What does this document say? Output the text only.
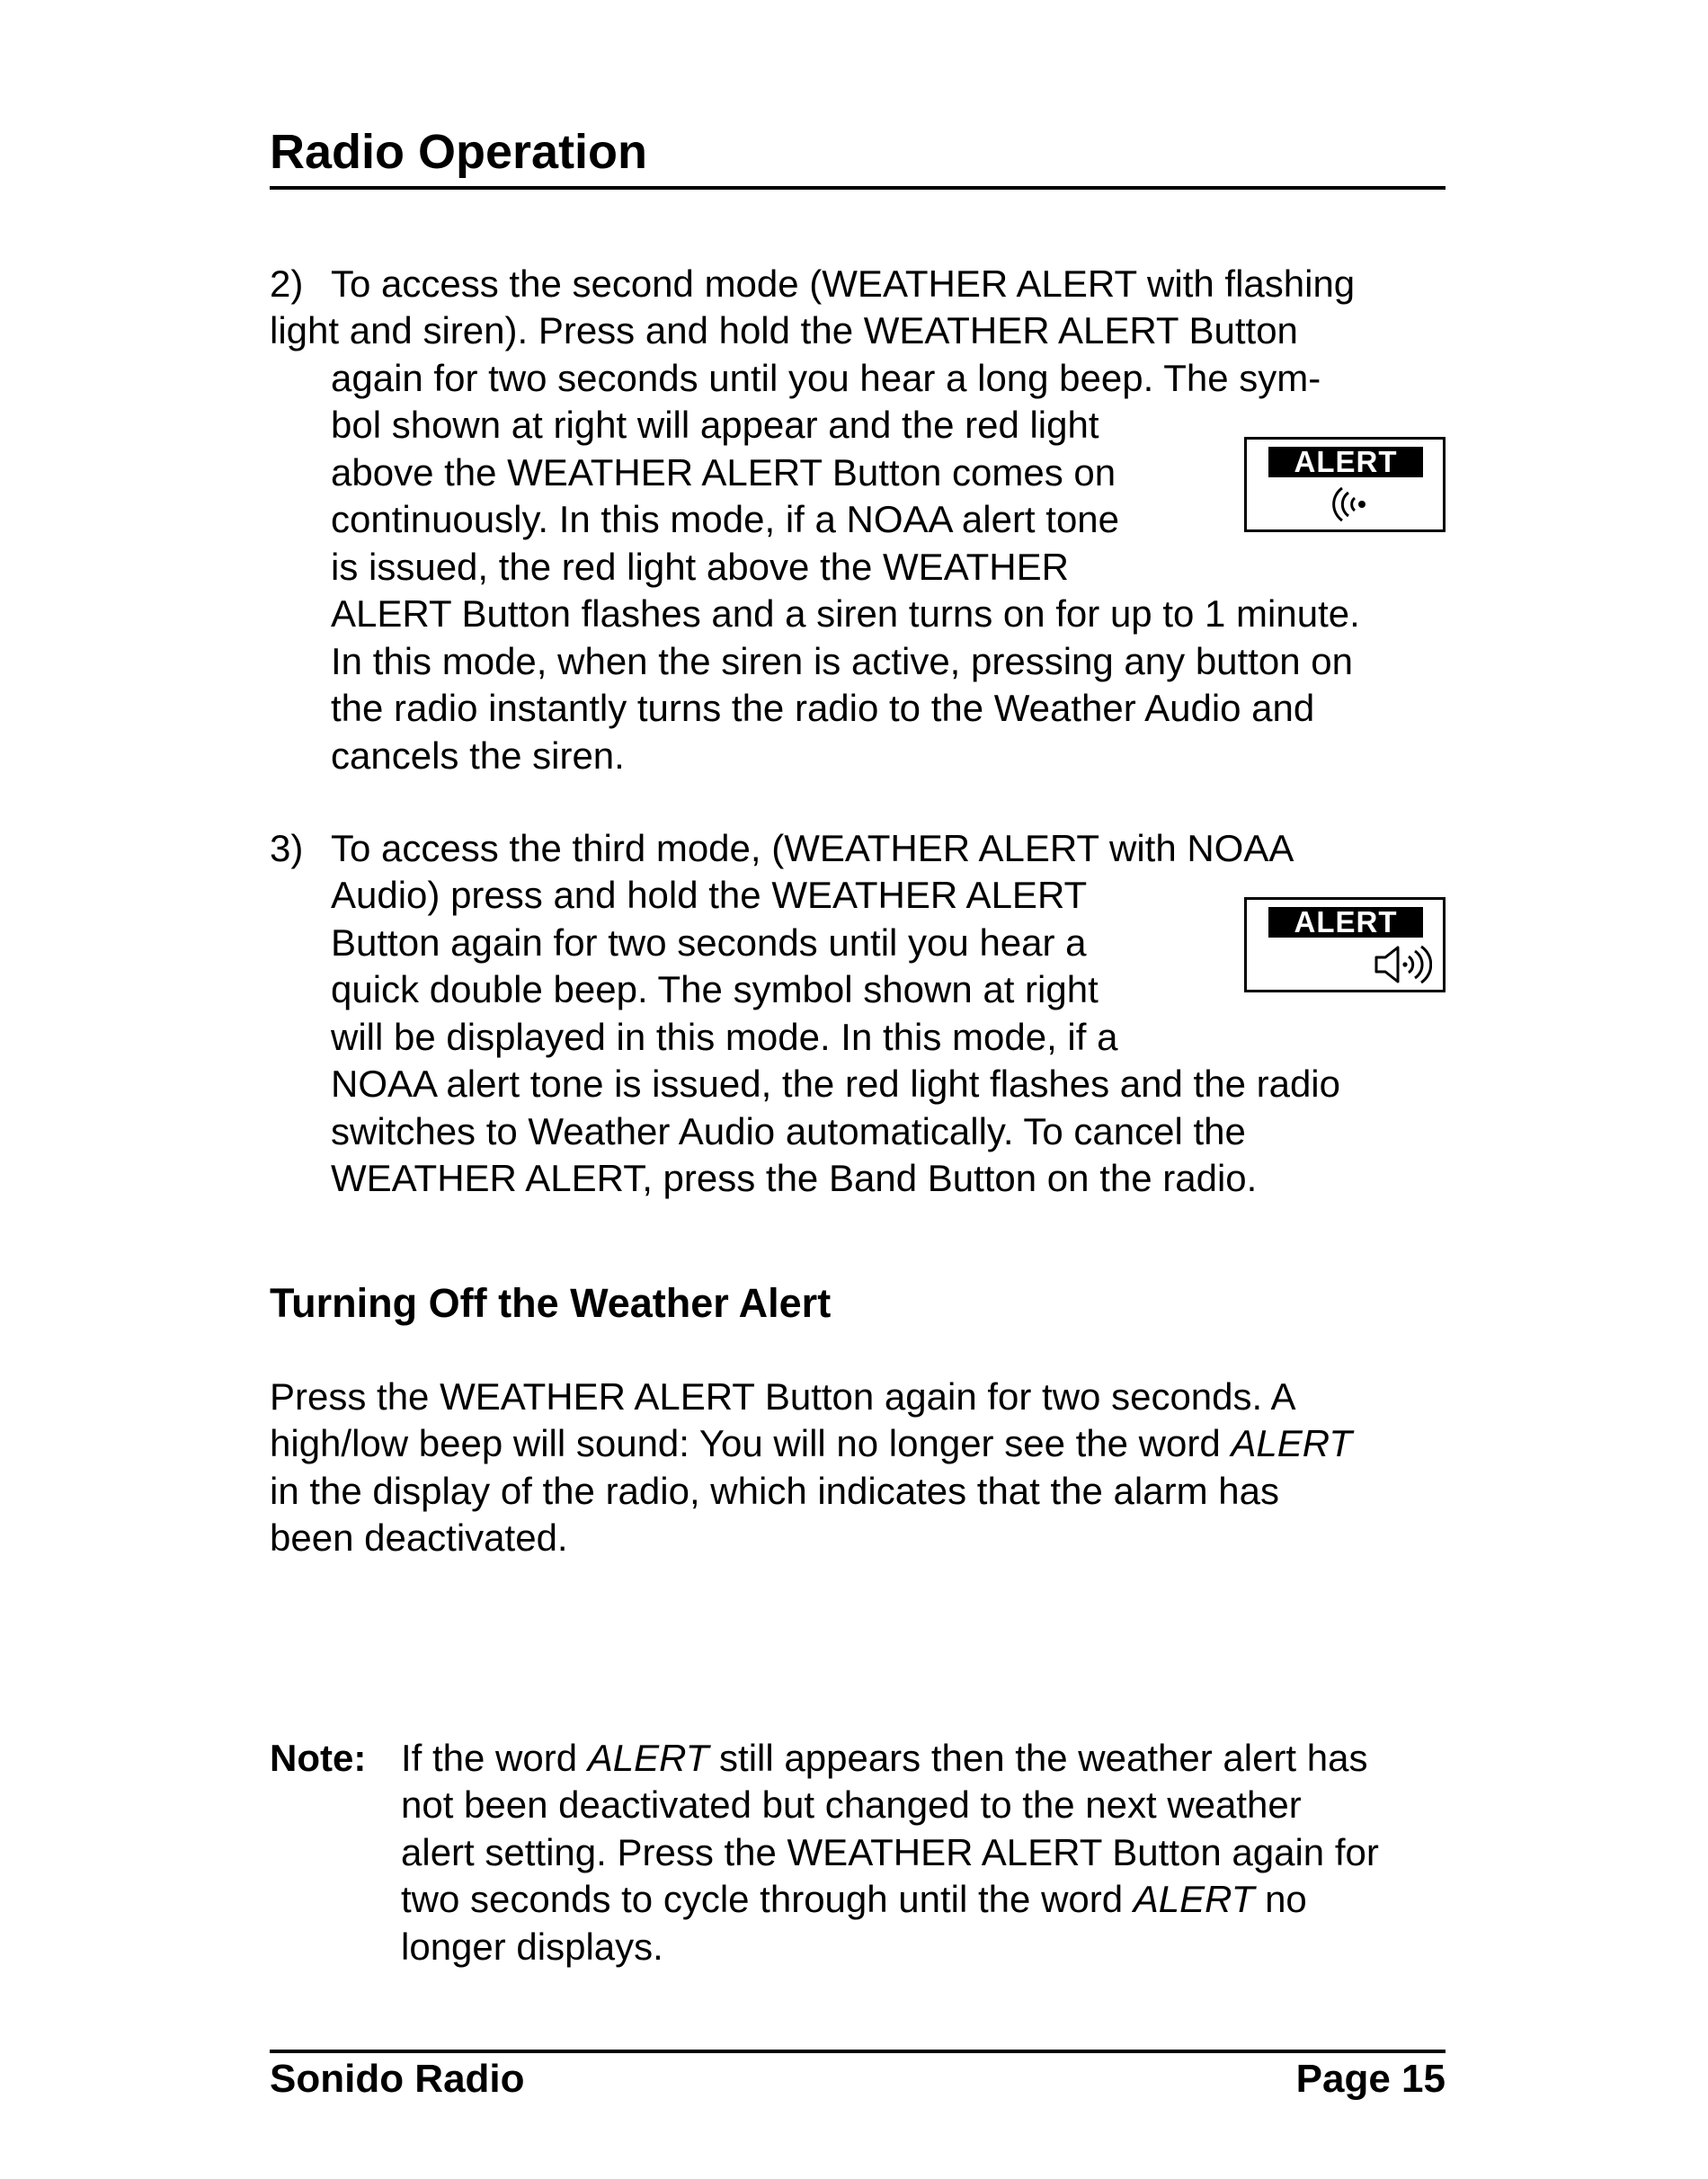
Radio Operation
2) To access the second mode (WEATHER ALERT with flashing
light and siren). Press and hold the WEATHER ALERT Button
again for two seconds until you hear a long beep. The sym-
bol shown at right will appear and the red light
above the WEATHER ALERT Button comes on
continuously. In this mode, if a NOAA alert tone
is issued, the red light above the WEATHER
ALERT Button flashes and a siren turns on for up to 1 minute.
In this mode, when the siren is active, pressing any button on
the radio instantly turns the radio to the Weather Audio and
cancels the siren.
ALERT
3) To access the third mode, (WEATHER ALERT with NOAA
Audio) press and hold the WEATHER ALERT
Button again for two seconds until you hear a
quick double beep. The symbol shown at right
will be displayed in this mode. In this mode, if a
NOAA alert tone is issued, the red light flashes and the radio
switches to Weather Audio automatically. To cancel the
WEATHER ALERT, press the Band Button on the radio.
ALERT
Turning Off the Weather Alert
Press the WEATHER ALERT Button again for two seconds. A
high/low beep will sound: You will no longer see the word ALERT
in the display of the radio, which indicates that the alarm has
been deactivated.
Note: If the word ALERT still appears then the weather alert has
not been deactivated but changed to the next weather
alert setting. Press the WEATHER ALERT Button again for
two seconds to cycle through until the word ALERT no
longer displays.
Sonido Radio	Page 15
